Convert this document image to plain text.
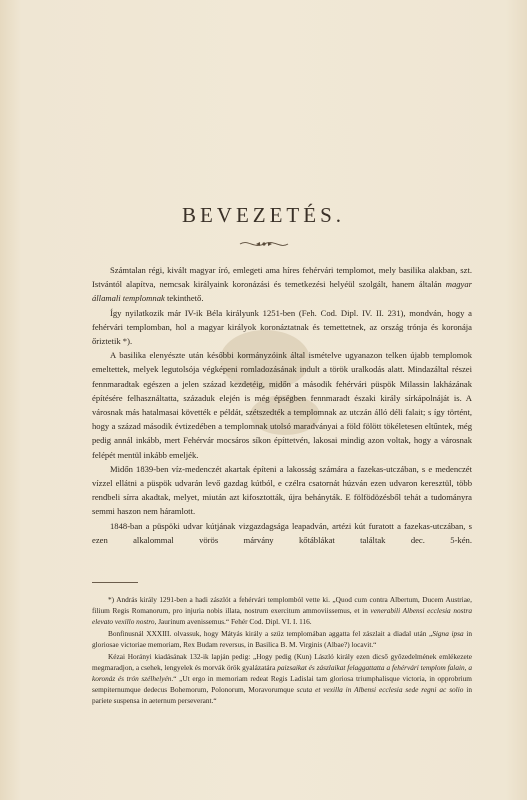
BEVEZETÉS.

Számtalan régi, kivált magyar író, emlegeti ama híres fehérvári templomot, mely basilika alakban, szt. Istvántól alapítva, nemcsak királyaink koronázási és temetkezési helyéül szolgált, hanem általán magyar államali templomnak tekinthető.

Így nyilatkozik már IV-ik Béla királyunk 1251-ben (Feh. Cod. Dipl. IV. II. 231), mondván, hogy a fehérvári templomban, hol a magyar királyok koronáztatnak és temettetnek, az ország trónja és koronája őriztetik *).

A basilika elenyészte után későbbi kormányzóink által ismételve ugyanazon telken újabb templomok emeltettek, melyek legutolsója végképeni romladozásának indult a török uralkodás alatt. Mindazáltal részei fennmaradtak egészen a jelen század kezdetéig, midőn a második fehérvári püspök Milassin lakházának építésére felhasználtatta, századuk elején is még épségben fennmaradt északi király sírkápolnáját is. A városnak más hatalmasai követték e példát, szétszedték a templomnak az utczán álló déli falait; s így történt, hogy a század második évtizedében a templomnak utolsó maradványai a föld fölött tökéletesen eltűntek, még pedig annál inkább, mert Fehérvár mocsáros síkon építtetvén, lakosai mindig azon voltak, hogy a városnak felépét mentül inkább emeljék.

Midőn 1839-ben víz-medenczét akartak építeni a lakosság számára a fazekas-utczában, s e medenczét vízzel ellátni a püspök udvarán levő gazdag kútból, e czélra csatornát húzván ezen udvaron keresztül, több rendbeli sírra akadtak, melyet, miután azt kifosztották, újra behányták. E fölfödözésből tehát a tudományra semmi haszon nem háramlott.

1848-ban a püspöki udvar kútjának vizgazdagsága leapadván, artézi kút furatott a fazekas-utczában, s ezen alkalommal vörös márvány kőtáblákat találtak dec. 5-kén.

*) András király 1291-ben a hadi zászlót a fehérvári templomból vette ki. „Quod cum contra Albertum, Ducem Austriae, filium Regis Romanorum, pro injuria nobis illata, nostrum exercitum ammoviissemus, et in venerabili Albensi ecclesia nostra elevato vexillo nostro, Jaurinum avenissemus.“ Fehér Cod. Dipl. VI. I. 116.

Bonfinusnál XXXIII. olvassuk, hogy Mátyás király a szüz templomában aggatta fel zászlait a diadal után „Signa ipsa in gloriosae victoriae memoriam, Rex Budam reversus, in Basilica B. M. Virginis (Albae?) locavit.“

Kézai Horányi kiadásának 132-ik lapján pedig: „Hogy pedig (Kun) László király ezen dicső győzedelmének emlékezete megmaradjon, a csehek, lengyelek és morvák örök gyalázatára paizsaikat és zászlaikat felaggattatta a fehérvári templom falain, a koronáz és trón szélhelyén.“ „Ut ergo in memoriam redeat Regis Ladislai tam gloriosa triumphalisque victoria, in opprobrium sempiternumque dedecus Bohemorum, Polonorum, Moravorumque scuta et vexilla in Albensi ecclesia sede regni ac solio in pariete suspensa in aeternum perseverant.“
